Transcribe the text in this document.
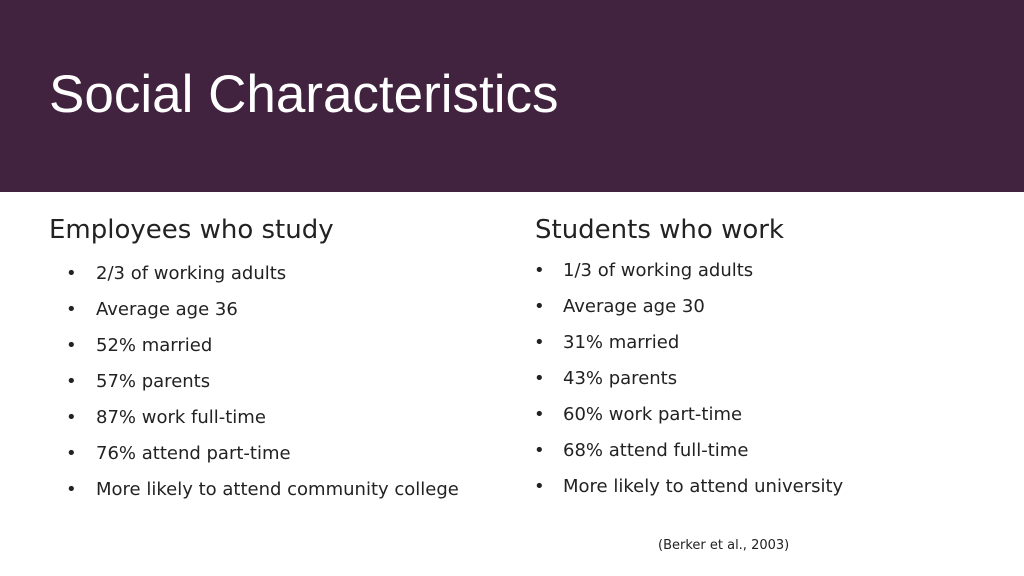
Social Characteristics
Employees who study
• 2/3 of working adults
• Average age 36
• 52% married
• 57% parents
• 87% work full-time
• 76% attend part-time
• More likely to attend community college
Students who work
• 1/3 of working adults
• Average age 30
• 31% married
• 43% parents
• 60% work part-time
• 68% attend full-time
• More likely to attend university
(Berker et al., 2003)
